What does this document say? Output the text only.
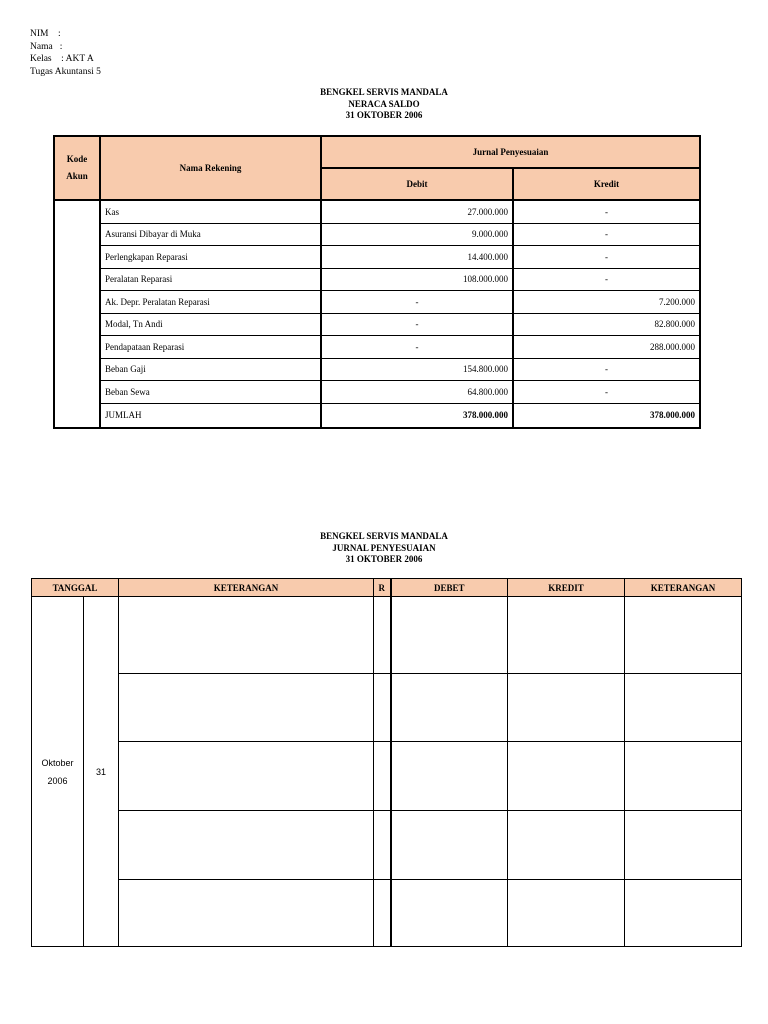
NIM    :
Nama   :
Kelas    : AKT A
Tugas Akuntansi 5
BENGKEL SERVIS MANDALA
NERACA SALDO
31 OKTOBER 2006
Kode Akun	Nama Rekening	Jurnal Penyesuaian	
		Debit	Kredit
	Kas	27.000.000	-
	Asuransi Dibayar di Muka	9.000.000	-
	Perlengkapan Reparasi	14.400.000	-
	Peralatan Reparasi	108.000.000	-
	Ak. Depr. Peralatan Reparasi	-	7.200.000
	Modal, Tn Andi	-	82.800.000
	Pendapataan Reparasi	-	288.000.000
	Beban Gaji	154.800.000	-
	Beban Sewa	64.800.000	-
	JUMLAH	378.000.000	378.000.000
BENGKEL SERVIS MANDALA
JURNAL PENYESUAIAN
31 OKTOBER 2006
TANGGAL		KETERANGAN	R	DEBET	KREDIT	KETERANGAN

Oktober
2006	31					
